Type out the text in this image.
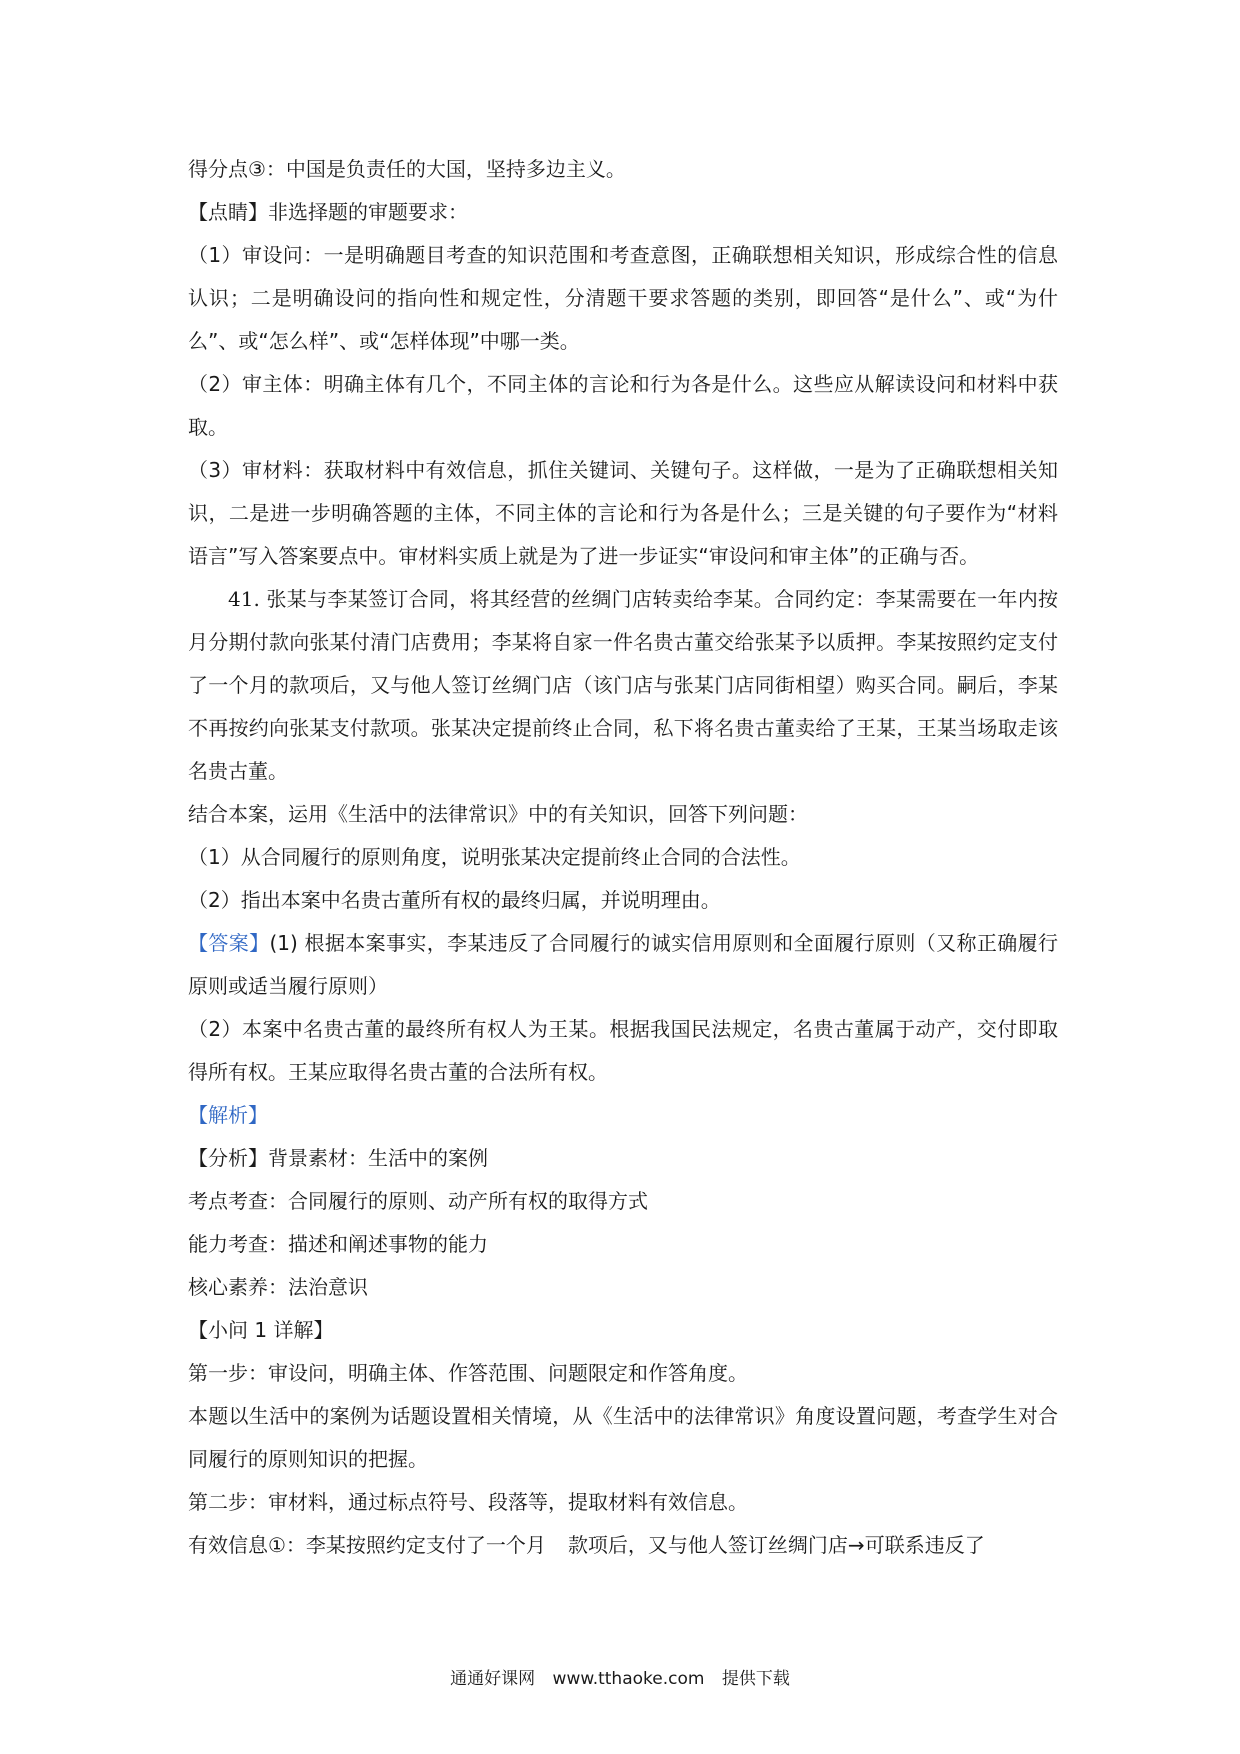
得分点③：中国是负责任的大国，坚持多边主义。

【点睛】非选择题的审题要求：

（1）审设问：一是明确题目考查的知识范围和考查意图，正确联想相关知识，形成综合性的信息认识；二是明确设问的指向性和规定性，分清题干要求答题的类别，即回答“是什么”、或“为什么”、或“怎么样”、或“怎样体现”中哪一类。

（2）审主体：明确主体有几个，不同主体的言论和行为各是什么。这些应从解读设问和材料中获取。

（3）审材料：获取材料中有效信息，抓住关键词、关键句子。这样做，一是为了正确联想相关知识，二是进一步明确答题的主体，不同主体的言论和行为各是什么；三是关键的句子要作为“材料语言”写入答案要点中。审材料实质上就是为了进一步证实“审设问和审主体”的正确与否。

41. 张某与李某签订合同，将其经营的丝绸门店转卖给李某。合同约定：李某需要在一年内按月分期付款向张某付清门店费用；李某将自家一件名贵古董交给张某予以质押。李某按照约定支付了一个月的款项后，又与他人签订丝绸门店（该门店与张某门店同街相望）购买合同。嗣后，李某不再按约向张某支付款项。张某决定提前终止合同，私下将名贵古董卖给了王某，王某当场取走该名贵古董。

结合本案，运用《生活中的法律常识》中的有关知识，回答下列问题：

（1）从合同履行的原则角度，说明张某决定提前终止合同的合法性。

（2）指出本案中名贵古董所有权的最终归属，并说明理由。

【答案】(1) 根据本案事实，李某违反了合同履行的诚实信用原则和全面履行原则（又称正确履行原则或适当履行原则）

（2）本案中名贵古董的最终所有权人为王某。根据我国民法规定，名贵古董属于动产，交付即取得所有权。王某应取得名贵古董的合法所有权。

【解析】

【分析】背景素材：生活中的案例

考点考查：合同履行的原则、动产所有权的取得方式

能力考查：描述和阐述事物的能力

核心素养：法治意识

【小问 1 详解】

第一步：审设问，明确主体、作答范围、问题限定和作答角度。

本题以生活中的案例为话题设置相关情境，从《生活中的法律常识》角度设置问题，考查学生对合同履行的原则知识的把握。

第二步：审材料，通过标点符号、段落等，提取材料有效信息。

有效信息①：李某按照约定支付了一个月 款项后，又与他人签订丝绸门店→可联系违反了

通通好课网 www.tthaoke.com 提供下载
